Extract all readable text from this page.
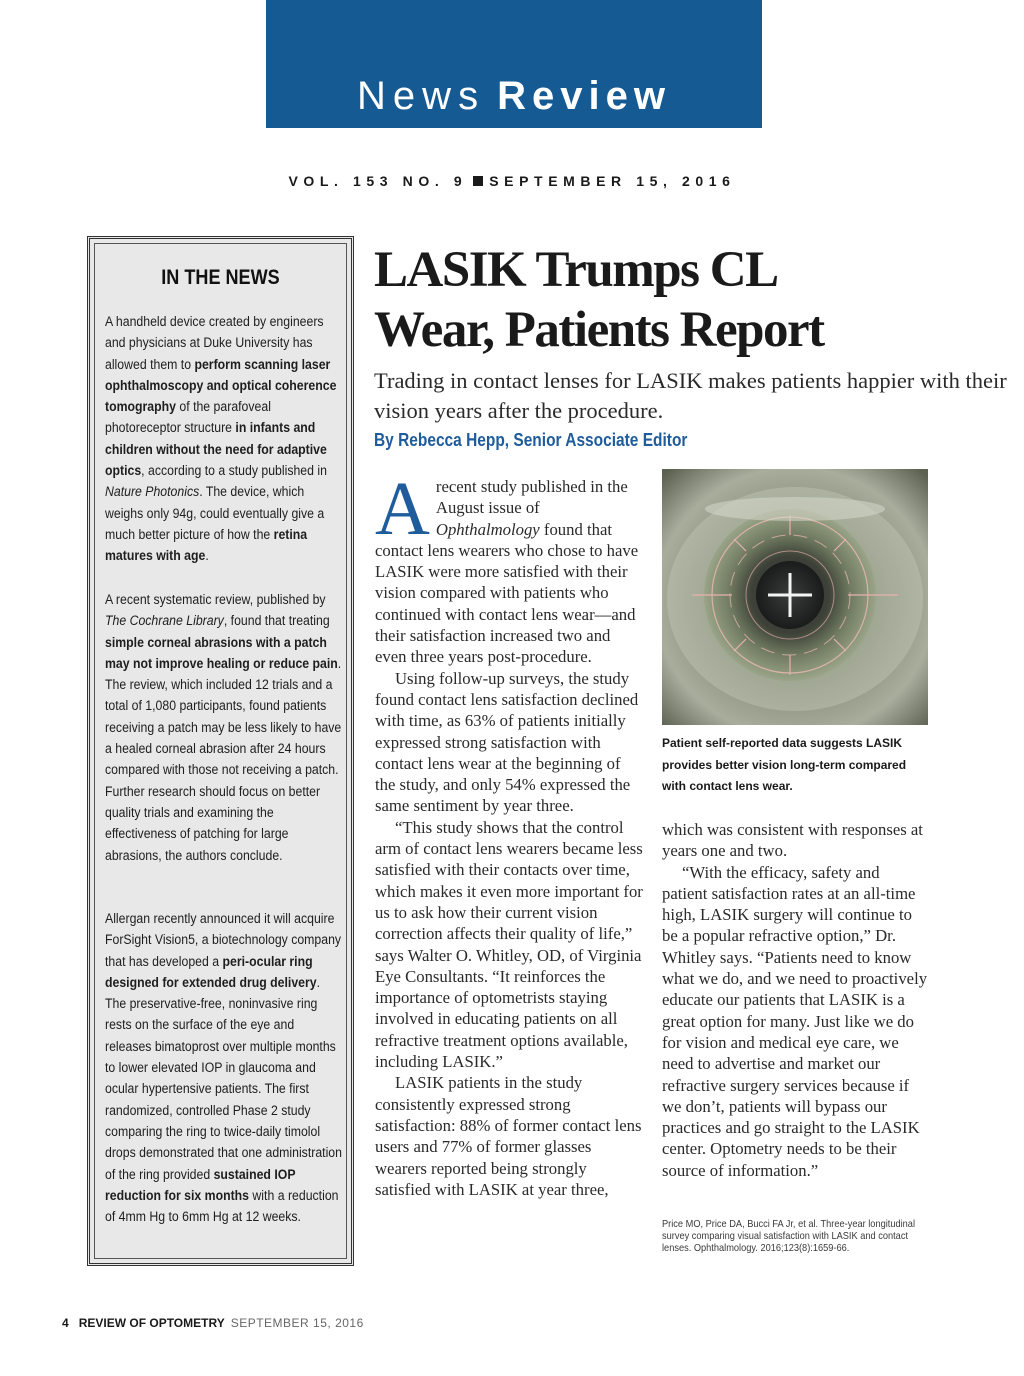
News Review
VOL. 153 NO. 9 SEPTEMBER 15, 2016
IN THE NEWS
A handheld device created by engineers and physicians at Duke University has allowed them to perform scanning laser ophthalmoscopy and optical coherence tomography of the parafoveal photoreceptor structure in infants and children without the need for adaptive optics, according to a study published in Nature Photonics. The device, which weighs only 94g, could eventually give a much better picture of how the retina matures with age.
A recent systematic review, published by The Cochrane Library, found that treating simple corneal abrasions with a patch may not improve healing or reduce pain. The review, which included 12 trials and a total of 1,080 participants, found patients receiving a patch may be less likely to have a healed corneal abrasion after 24 hours compared with those not receiving a patch. Further research should focus on better quality trials and examining the effectiveness of patching for large abrasions, the authors conclude.
Allergan recently announced it will acquire ForSight Vision5, a biotechnology company that has developed a peri-ocular ring designed for extended drug delivery. The preservative-free, noninvasive ring rests on the surface of the eye and releases bimatoprost over multiple months to lower elevated IOP in glaucoma and ocular hypertensive patients. The first randomized, controlled Phase 2 study comparing the ring to twice-daily timolol drops demonstrated that one administration of the ring provided sustained IOP reduction for six months with a reduction of 4mm Hg to 6mm Hg at 12 weeks.
LASIK Trumps CL
Wear, Patients Report
Trading in contact lenses for LASIK makes patients happier with their vision years after the procedure.
By Rebecca Hepp, Senior Associate Editor

A recent study published in the August issue of Ophthalmology found that contact lens wearers who chose to have LASIK were more satisfied with their vision compared with patients who continued with contact lens wear—and their satisfaction increased two and even three years post-procedure.

Using follow-up surveys, the study found contact lens satisfaction declined with time, as 63% of patients initially expressed strong satisfaction with contact lens wear at the beginning of the study, and only 54% expressed the same sentiment by year three.

“This study shows that the control arm of contact lens wearers became less satisfied with their contacts over time, which makes it even more important for us to ask how their current vision correction affects their quality of life,” says Walter O. Whitley, OD, of Virginia Eye Consultants. “It reinforces the importance of optometrists staying involved in educating patients on all refractive treatment options available, including LASIK.”

LASIK patients in the study consistently expressed strong satisfaction: 88% of former contact lens users and 77% of former glasses wearers reported being strongly satisfied with LASIK at year three,

Patient self-reported data suggests LASIK provides better vision long-term compared with contact lens wear.

which was consistent with responses at years one and two.

“With the efficacy, safety and patient satisfaction rates at an all-time high, LASIK surgery will continue to be a popular refractive option,” Dr. Whitley says. “Patients need to know what we do, and we need to proactively educate our patients that LASIK is a great option for many. Just like we do for vision and medical eye care, we need to advertise and market our refractive surgery services because if we don’t, patients will bypass our practices and go straight to the LASIK center. Optometry needs to be their source of information.”

Price MO, Price DA, Bucci FA Jr, et al. Three-year longitudinal survey comparing visual satisfaction with LASIK and contact lenses. Ophthalmology. 2016;123(8):1659-66.
4 REVIEW OF OPTOMETRY SEPTEMBER 15, 2016
